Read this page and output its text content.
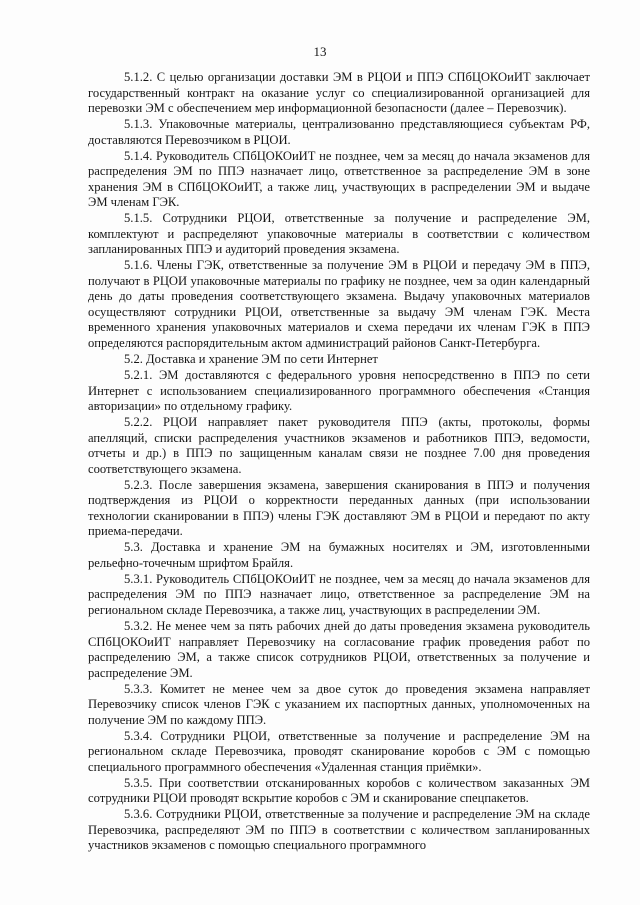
13

5.1.2. С целью организации доставки ЭМ в РЦОИ и ППЭ СПбЦОКОиИТ заключает государственный контракт на оказание услуг со специализированной организацией для перевозки ЭМ с обеспечением мер информационной безопасности (далее – Перевозчик).

5.1.3. Упаковочные материалы, централизованно представляющиеся субъектам РФ, доставляются Перевозчиком в РЦОИ.

5.1.4. Руководитель СПбЦОКОиИТ не позднее, чем за месяц до начала экзаменов для распределения ЭМ по ППЭ назначает лицо, ответственное за распределение ЭМ в зоне хранения ЭМ в СПбЦОКОиИТ, а также лиц, участвующих в распределении ЭМ и выдаче ЭМ членам ГЭК.

5.1.5. Сотрудники РЦОИ, ответственные за получение и распределение ЭМ, комплектуют и распределяют упаковочные материалы в соответствии с количеством запланированных ППЭ и аудиторий проведения экзамена.

5.1.6. Члены ГЭК, ответственные за получение ЭМ в РЦОИ и передачу ЭМ в ППЭ, получают в РЦОИ упаковочные материалы по графику не позднее, чем за один календарный день до даты проведения соответствующего экзамена. Выдачу упаковочных материалов осуществляют сотрудники РЦОИ, ответственные за выдачу ЭМ членам ГЭК. Места временного хранения упаковочных материалов и схема передачи их членам ГЭК в ППЭ определяются распорядительным актом администраций районов Санкт-Петербурга.

5.2. Доставка и хранение ЭМ по сети Интернет

5.2.1. ЭМ доставляются с федерального уровня непосредственно в ППЭ по сети Интернет с использованием специализированного программного обеспечения «Станция авторизации» по отдельному графику.

5.2.2. РЦОИ направляет пакет руководителя ППЭ (акты, протоколы, формы апелляций, списки распределения участников экзаменов и работников ППЭ, ведомости, отчеты и др.) в ППЭ по защищенным каналам связи не позднее 7.00 дня проведения соответствующего экзамена.

5.2.3. После завершения экзамена, завершения сканирования в ППЭ и получения подтверждения из РЦОИ о корректности переданных данных (при использовании технологии сканировании в ППЭ) члены ГЭК доставляют ЭМ в РЦОИ и передают по акту приема-передачи.

5.3. Доставка и хранение ЭМ на бумажных носителях и ЭМ, изготовленными рельефно-точечным шрифтом Брайля.

5.3.1. Руководитель СПбЦОКОиИТ не позднее, чем за месяц до начала экзаменов для распределения ЭМ по ППЭ назначает лицо, ответственное за распределение ЭМ на региональном складе Перевозчика, а также лиц, участвующих в распределении ЭМ.

5.3.2. Не менее чем за пять рабочих дней до даты проведения экзамена руководитель СПбЦОКОиИТ направляет Перевозчику на согласование график проведения работ по распределению ЭМ, а также список сотрудников РЦОИ, ответственных за получение и распределение ЭМ.

5.3.3. Комитет не менее чем за двое суток до проведения экзамена направляет Перевозчику список членов ГЭК с указанием их паспортных данных, уполномоченных на получение ЭМ по каждому ППЭ.

5.3.4. Сотрудники РЦОИ, ответственные за получение и распределение ЭМ на региональном складе Перевозчика, проводят сканирование коробов с ЭМ с помощью специального программного обеспечения «Удаленная станция приёмки».

5.3.5. При соответствии отсканированных коробов с количеством заказанных ЭМ сотрудники РЦОИ проводят вскрытие коробов с ЭМ и сканирование спецпакетов.

5.3.6. Сотрудники РЦОИ, ответственные за получение и распределение ЭМ на складе Перевозчика, распределяют ЭМ по ППЭ в соответствии с количеством запланированных участников экзаменов с помощью специального программного
